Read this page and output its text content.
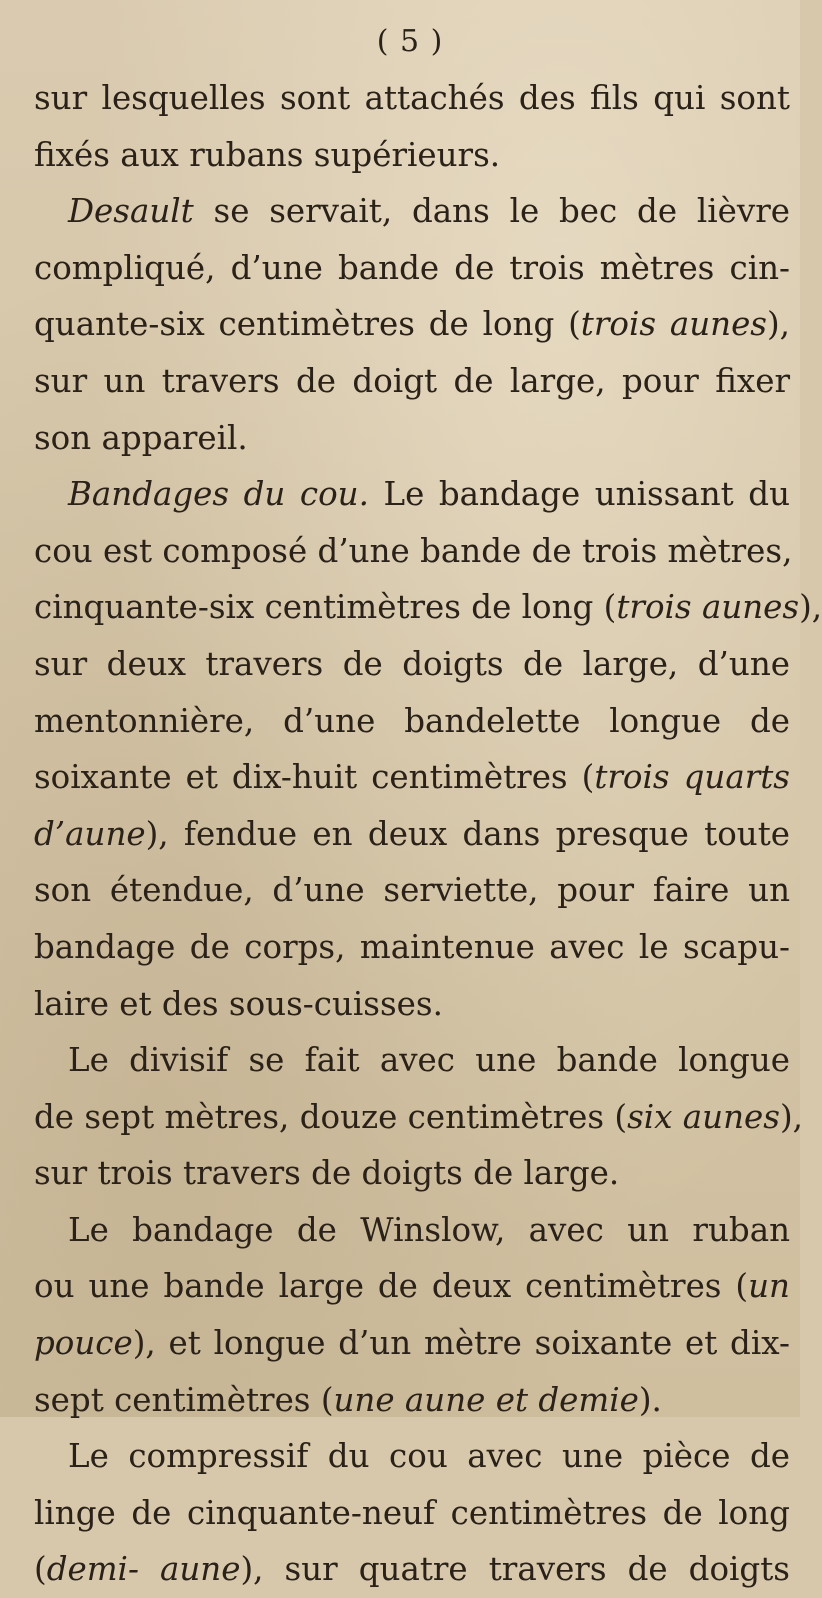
( 5 )
sur lesquelles sont attachés des fils qui sont
fixés aux rubans supérieurs.
Desault se servait, dans le bec de lièvre
compliqué, d’une bande de trois mètres cin-
quante-six centimètres de long (trois aunes),
sur un travers de doigt de large, pour fixer
son appareil.
Bandages du cou. Le bandage unissant du
cou est composé d’une bande de trois mètres,
cinquante-six centimètres de long (trois aunes),
sur deux travers de doigts de large, d’une
mentonnière, d’une bandelette longue de
soixante et dix-huit centimètres (trois quarts
d’aune), fendue en deux dans presque toute
son étendue, d’une serviette, pour faire un
bandage de corps, maintenue avec le scapu-
laire et des sous-cuisses.
Le divisif se fait avec une bande longue
de sept mètres, douze centimètres (six aunes),
sur trois travers de doigts de large.
Le bandage de Winslow, avec un ruban
ou une bande large de deux centimètres (un
pouce), et longue d’un mètre soixante et dix-
sept centimètres (une aune et demie).
Le compressif du cou avec une pièce de
linge de cinquante-neuf centimètres de long
(demi- aune), sur quatre travers de doigts
